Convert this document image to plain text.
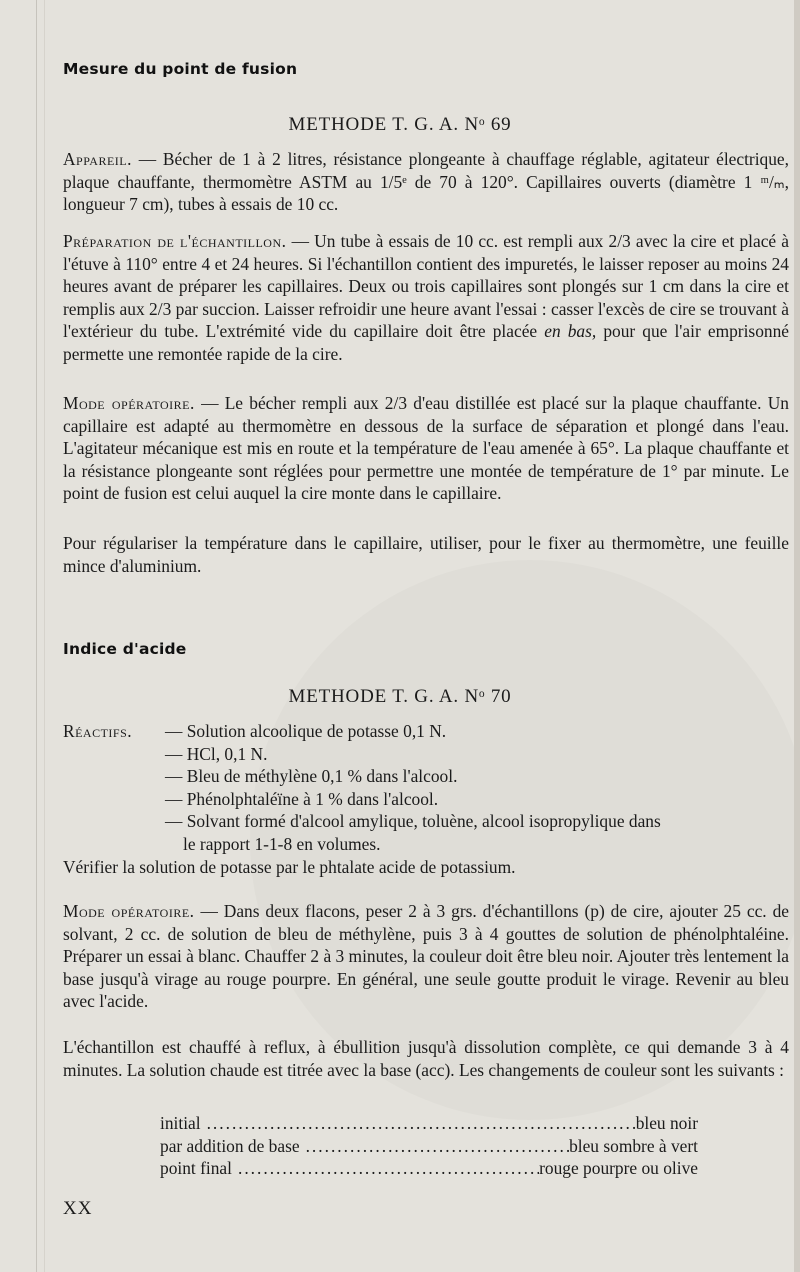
Mesure du point de fusion
METHODE T. G. A. Nᵒ 69

Appareil. — Bécher de 1 à 2 litres, résistance plongeante à chauffage réglable, agitateur électrique, plaque chauffante, thermomètre ASTM au 1/5ᵉ de 70 à 120°. Capillaires ouverts (diamètre 1 ᵐ/ₘ, longueur 7 cm), tubes à essais de 10 cc.

Préparation de l'échantillon. — Un tube à essais de 10 cc. est rempli aux 2/3 avec la cire et placé à l'étuve à 110° entre 4 et 24 heures. Si l'échantillon contient des impuretés, le laisser reposer au moins 24 heures avant de préparer les capillaires. Deux ou trois capillaires sont plongés sur 1 cm dans la cire et remplis aux 2/3 par succion. Laisser refroidir une heure avant l'essai : casser l'excès de cire se trouvant à l'extérieur du tube. L'extrémité vide du capillaire doit être placée en bas, pour que l'air emprisonné permette une remontée rapide de la cire.

Mode opératoire. — Le bécher rempli aux 2/3 d'eau distillée est placé sur la plaque chauffante. Un capillaire est adapté au thermomètre en dessous de la surface de séparation et plongé dans l'eau. L'agitateur mécanique est mis en route et la température de l'eau amenée à 65°. La plaque chauffante et la résistance plongeante sont réglées pour permettre une montée de température de 1° par minute. Le point de fusion est celui auquel la cire monte dans le capillaire.

Pour régulariser la température dans le capillaire, utiliser, pour le fixer au thermomètre, une feuille mince d'aluminium.

Indice d'acide
METHODE T. G. A. Nᵒ 70
Réactifs.	— Solution alcoolique de potasse 0,1 N.
— HCl, 0,1 N.
— Bleu de méthylène 0,1 % dans l'alcool.
— Phénolphtaléïne à 1 % dans l'alcool.
— Solvant formé d'alcool amylique, toluène, alcool isopropylique dans
le rapport 1-1-8 en volumes.

Vérifier la solution de potasse par le phtalate acide de potassium.

Mode opératoire. — Dans deux flacons, peser 2 à 3 grs. d'échantillons (p) de cire, ajouter 25 cc. de solvant, 2 cc. de solution de bleu de méthylène, puis 3 à 4 gouttes de solution de phénolphtaléine. Préparer un essai à blanc. Chauffer 2 à 3 minutes, la couleur doit être bleu noir. Ajouter très lentement la base jusqu'à virage au rouge pourpre. En général, une seule goutte produit le virage. Revenir au bleu avec l'acide.

L'échantillon est chauffé à reflux, à ébullition jusqu'à dissolution complète, ce qui demande 3 à 4 minutes. La solution chaude est titrée avec la base (acc). Les changements de couleur sont les suivants :

initial .....	bleu noir
par addition de base .....	bleu sombre à vert
point final .....	rouge pourpre ou olive
XX
